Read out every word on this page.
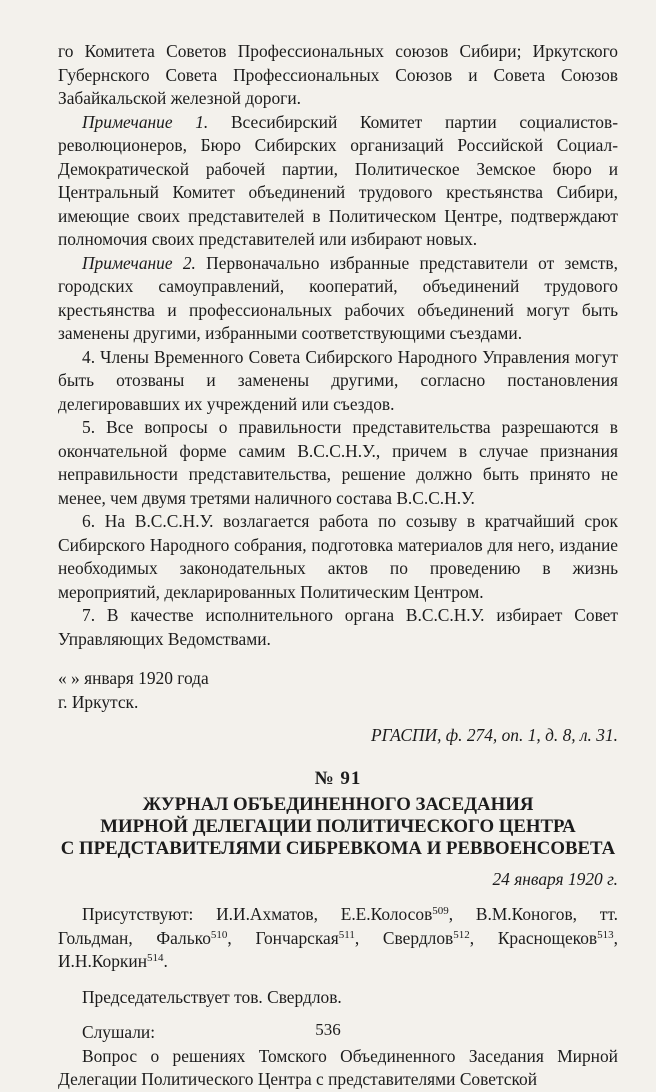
го Комитета Советов Профессиональных союзов Сибири; Иркутского Губернского Совета Профессиональных Союзов и Совета Союзов Забайкальской железной дороги.

Примечание 1. Всесибирский Комитет партии социалистов-революционеров, Бюро Сибирских организаций Российской Социал-Демократической рабочей партии, Политическое Земское бюро и Центральный Комитет объединений трудового крестьянства Сибири, имеющие своих представителей в Политическом Центре, подтверждают полномочия своих представителей или избирают новых.

Примечание 2. Первоначально избранные представители от земств, городских самоуправлений, кооператий, объединений трудового крестьянства и профессиональных рабочих объединений могут быть заменены другими, избранными соответствующими съездами.

4. Члены Временного Совета Сибирского Народного Управления могут быть отозваны и заменены другими, согласно постановления делегировавших их учреждений или съездов.

5. Все вопросы о правильности представительства разрешаются в окончательной форме самим В.С.С.Н.У., причем в случае признания неправильности представительства, решение должно быть принято не менее, чем двумя третями наличного состава В.С.С.Н.У.

6. На В.С.С.Н.У. возлагается работа по созыву в кратчайший срок Сибирского Народного собрания, подготовка материалов для него, издание необходимых законодательных актов по проведению в жизнь мероприятий, декларированных Политическим Центром.

7. В качестве исполнительного органа В.С.С.Н.У. избирает Совет Управляющих Ведомствами.

« » января 1920 года

г. Иркутск.

РГАСПИ, ф. 274, оп. 1, д. 8, л. 31.

№ 91
ЖУРНАЛ ОБЪЕДИНЕННОГО ЗАСЕДАНИЯ
МИРНОЙ ДЕЛЕГАЦИИ ПОЛИТИЧЕСКОГО ЦЕНТРА
С ПРЕДСТАВИТЕЛЯМИ СИБРЕВКОМА И РЕВВОЕНСОВЕТА

24 января 1920 г.

Присутствуют: И.И.Ахматов, Е.Е.Колосов$^{509}$, В.М.Коногов, тт. Гольдман, Фалько$^{510}$, Гончарская$^{511}$, Свердлов$^{512}$, Краснощеков$^{513}$, И.Н.Коркин$^{514}$.

Председательствует тов. Свердлов.

Слушали:

Вопрос о решениях Томского Объединенного Заседания Мирной Делегации Политического Центра с представителями Советской

536
